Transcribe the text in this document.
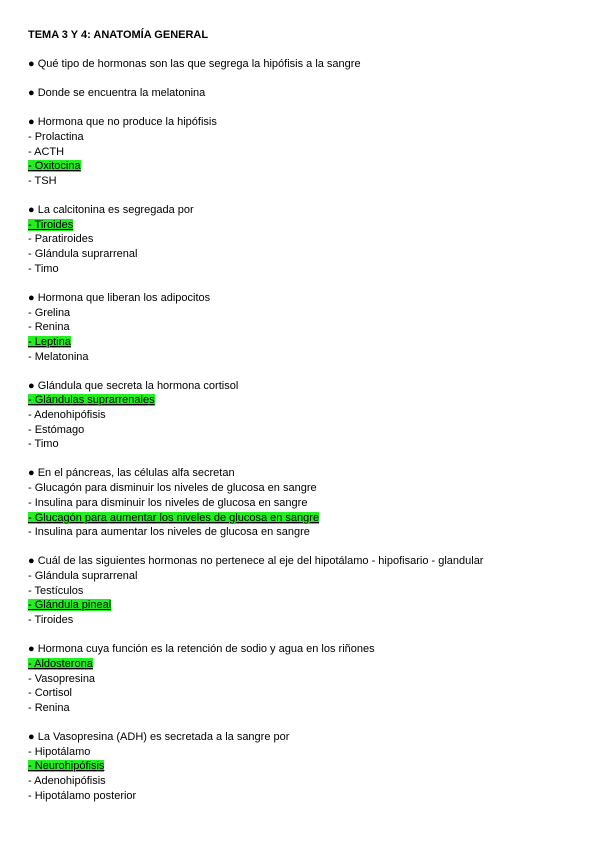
TEMA 3 Y 4: ANATOMÍA GENERAL
● Qué tipo de hormonas son las que segrega la hipófisis a la sangre
● Donde se encuentra la melatonina
● Hormona que no produce la hipófisis
- Prolactina
- ACTH
- Oxitocina
- TSH
● La calcitonina es segregada por
- Tiroides
- Paratiroides
- Glándula suprarrenal
- Timo
● Hormona que liberan los adipocitos
- Grelina
- Renina
- Leptina
- Melatonina
● Glándula que secreta la hormona cortisol
- Glándulas suprarrenales
- Adenohipófisis
- Estómago
- Timo
● En el páncreas, las células alfa secretan
- Glucagón para disminuir los niveles de glucosa en sangre
- Insulina para disminuir los niveles de glucosa en sangre
- Glucagón para aumentar los niveles de glucosa en sangre
- Insulina para aumentar los niveles de glucosa en sangre
● Cuál de las siguientes hormonas no pertenece al eje del hipotálamo - hipofisario - glandular
- Glándula suprarrenal
- Testículos
- Glándula pineal
- Tiroides
● Hormona cuya función es la retención de sodio y agua en los riñones
- Aldosterona
- Vasopresina
- Cortisol
- Renina
● La Vasopresina (ADH) es secretada a la sangre por
- Hipotálamo
- Neurohipófisis
- Adenohipófisis
- Hipotálamo posterior
